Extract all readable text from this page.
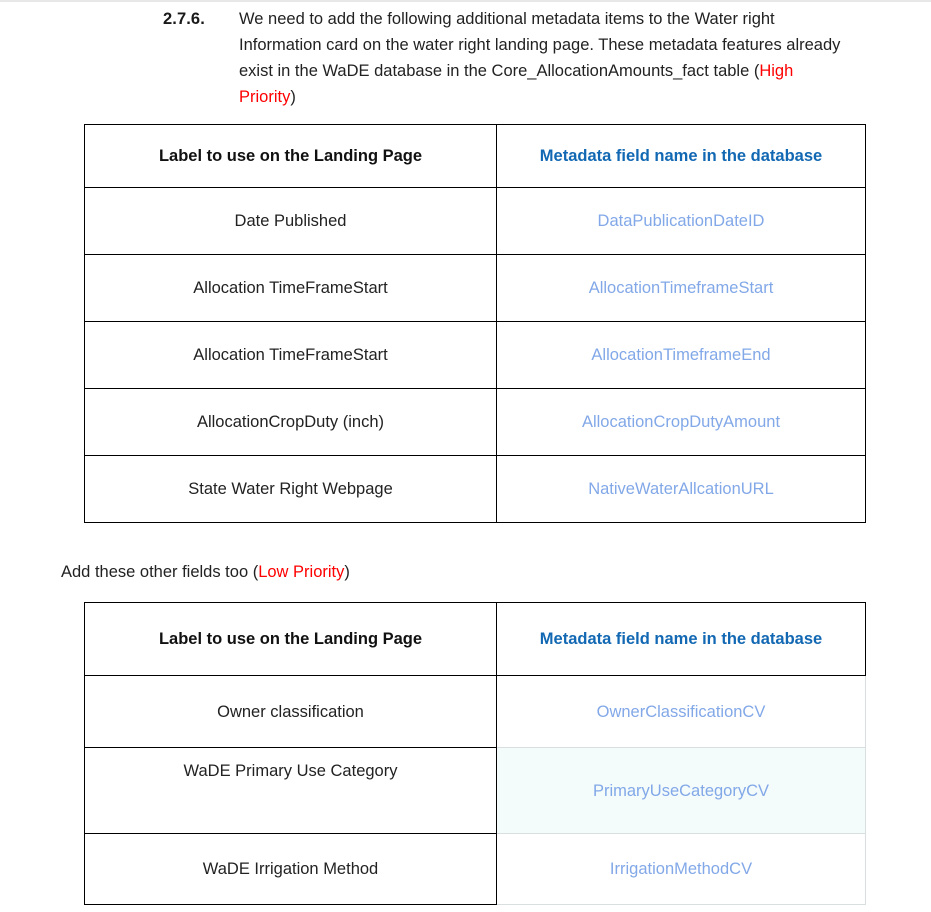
2.7.6.	We need to add the following additional metadata items to the Water right Information card on the water right landing page. These metadata features already exist in the WaDE database in the Core_AllocationAmounts_fact table (High Priority)
Label to use on the Landing Page	Metadata field name in the database
Date Published	DataPublicationDateID
Allocation TimeFrameStart	AllocationTimeframeStart
Allocation TimeFrameStart	AllocationTimeframeEnd
AllocationCropDuty (inch)	AllocationCropDutyAmount
State Water Right Webpage	NativeWaterAllcationURL
Add these other fields too (Low Priority)
Label to use on the Landing Page	Metadata field name in the database
Owner classification	OwnerClassificationCV
WaDE Primary Use Category	PrimaryUseCategoryCV
WaDE Irrigation Method	IrrigationMethodCV
